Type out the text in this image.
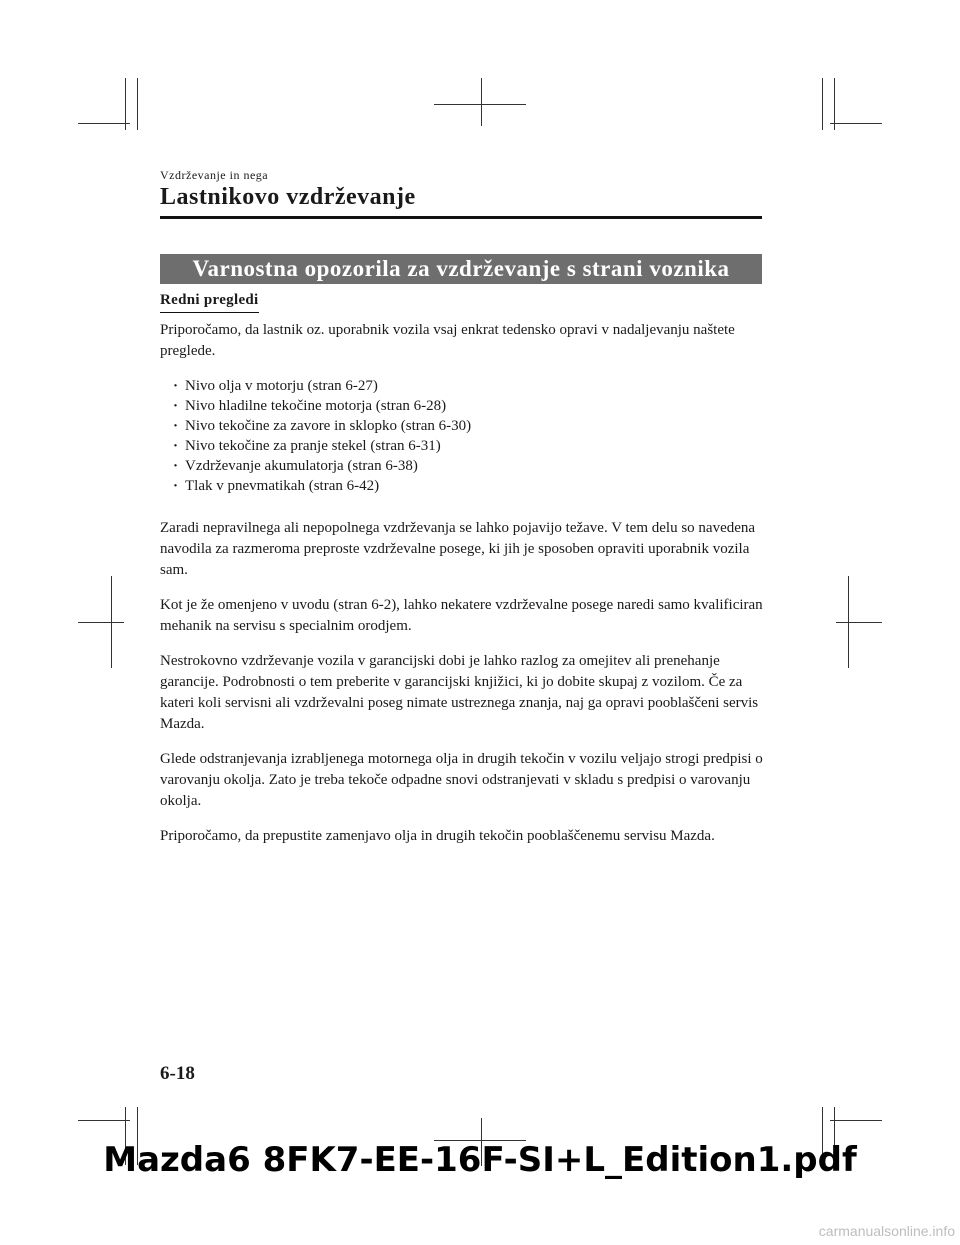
Vzdrževanje in nega
Lastnikovo vzdrževanje
Varnostna opozorila za vzdrževanje s strani voznika
Redni pregledi

Priporočamo, da lastnik oz. uporabnik vozila vsaj enkrat tedensko opravi v nadaljevanju naštete preglede.

· Nivo olja v motorju (stran 6-27)
· Nivo hladilne tekočine motorja (stran 6-28)
· Nivo tekočine za zavore in sklopko (stran 6-30)
· Nivo tekočine za pranje stekel (stran 6-31)
· Vzdrževanje akumulatorja (stran 6-38)
· Tlak v pnevmatikah (stran 6-42)

Zaradi nepravilnega ali nepopolnega vzdrževanja se lahko pojavijo težave. V tem delu so navedena navodila za razmeroma preproste vzdrževalne posege, ki jih je sposoben opraviti uporabnik vozila sam.

Kot je že omenjeno v uvodu (stran 6-2), lahko nekatere vzdrževalne posege naredi samo kvalificiran mehanik na servisu s specialnim orodjem.

Nestrokovno vzdrževanje vozila v garancijski dobi je lahko razlog za omejitev ali prenehanje garancije. Podrobnosti o tem preberite v garancijski knjižici, ki jo dobite skupaj z vozilom. Če za kateri koli servisni ali vzdrževalni poseg nimate ustreznega znanja, naj ga opravi pooblaščeni servis Mazda.

Glede odstranjevanja izrabljenega motornega olja in drugih tekočin v vozilu veljajo strogi predpisi o varovanju okolja. Zato je treba tekoče odpadne snovi odstranjevati v skladu s predpisi o varovanju okolja.

Priporočamo, da prepustite zamenjavo olja in drugih tekočin pooblaščenemu servisu Mazda.

6-18
Mazda6 8FK7-EE-16F-SI+L_Edition1.pdf
carmanualsonline.info
